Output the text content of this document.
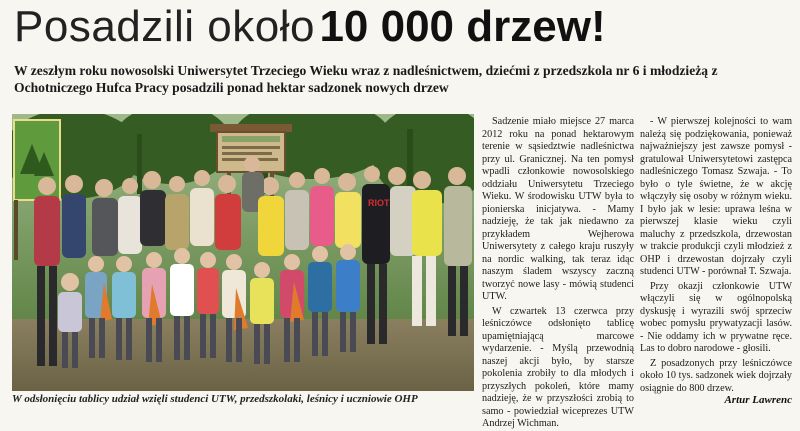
Posadzili około 10 000 drzew!
W zeszłym roku nowosolski Uniwersytet Trzeciego Wieku wraz z nadleśnictwem, dziećmi z przedszkola nr 6 i młodzieżą z Ochotniczego Hufca Pracy posadzili ponad hektar sadzonek nowych drzew
RIOT
W odsłonięciu tablicy udział wzięli studenci UTW, przedszkolaki, leśnicy i uczniowie OHP

Sadzenie miało miejsce 27 marca 2012 roku na ponad hektarowym terenie w sąsiedztwie nadleśnictwa przy ul. Granicznej. Na ten pomysł wpadli członkowie nowosolskiego oddziału Uniwersytetu Trzeciego Wieku. W środowisku UTW była to pionierska inicjatywa. - Mamy nadzieję, że tak jak niedawno za przykładem Wejherowa Uniwersytety z całego kraju ruszyły na nordic walking, tak teraz idąc naszym śladem wszyscy zaczną tworzyć nowe lasy - mówią studenci UTW.

W czwartek 13 czerwca przy leśniczówce odsłonięto tablicę upamiętniającą marcowe wydarzenie. - Myślą przewodnią naszej akcji było, by starsze pokolenia zrobiły to dla młodych i przyszłych pokoleń, które mamy nadzieję, że w przyszłości zrobią to samo - powiedział wiceprezes UTW Andrzej Wichman.

- W pierwszej kolejności to wam należą się podziękowania, ponieważ najważniejszy jest zawsze pomysł - gratulował Uniwersytetowi zastępca nadleśniczego Tomasz Szwaja. - To było o tyle świetne, że w akcję włączyły się osoby w różnym wieku. I było jak w lesie: uprawa leśna w pierwszej klasie wieku czyli maluchy z przedszkola, drzewostan w trakcie produkcji czyli młodzież z OHP i drzewostan dojrzały czyli studenci UTW - porównał T. Szwaja.

Przy okazji członkowie UTW włączyli się w ogólnopolską dyskusję i wyrazili swój sprzeciw wobec pomysłu prywatyzacji lasów. - Nie oddamy ich w prywatne ręce. Las to dobro narodowe - głosili.

Z posadzonych przy leśniczówce około 10 tys. sadzonek wiek dojrzały osiągnie do 800 drzew.

Artur Lawrenc
